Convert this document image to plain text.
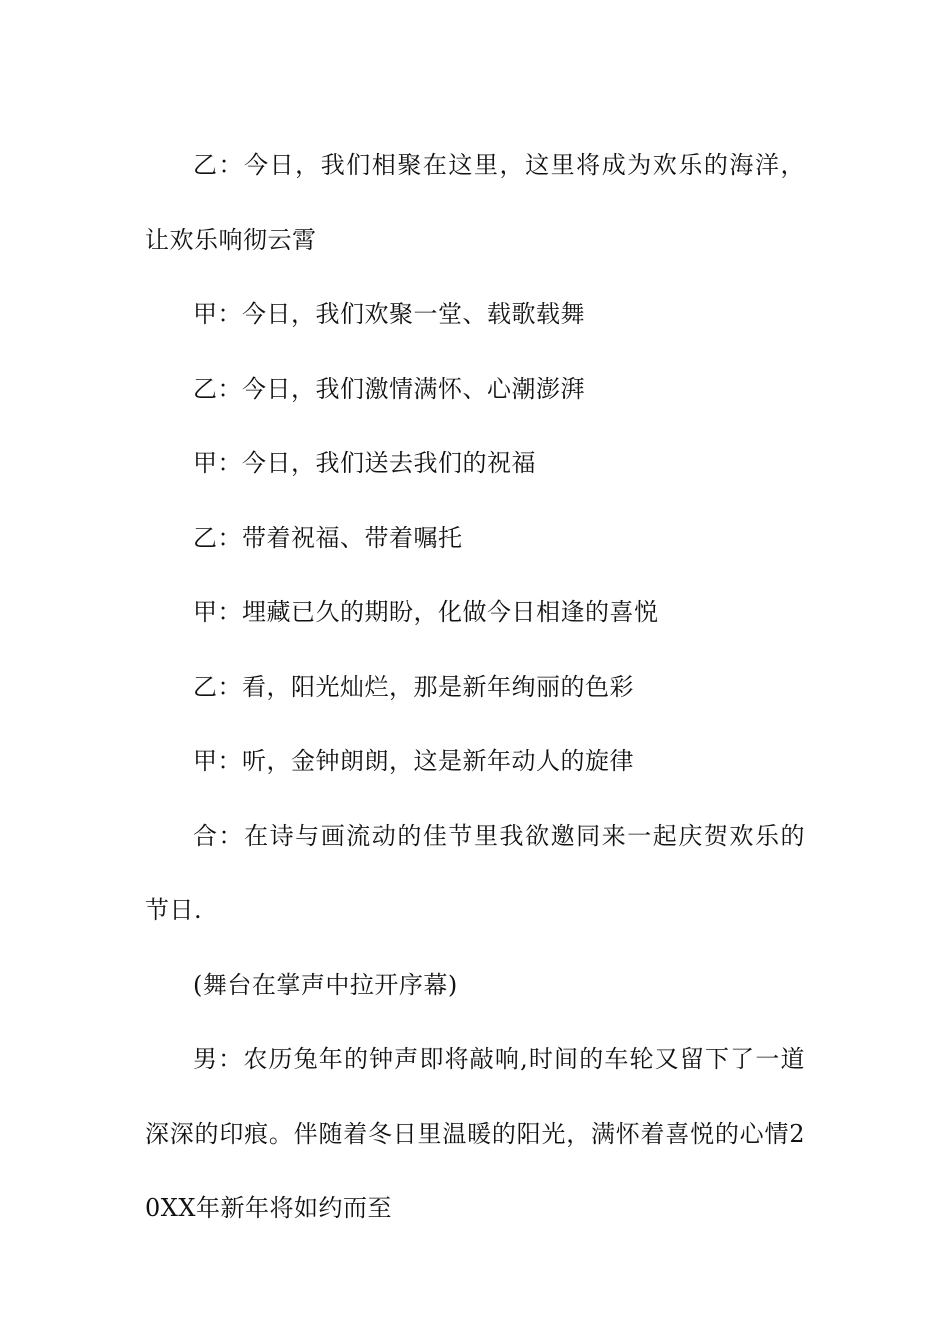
乙：今日，我们相聚在这里，这里将成为欢乐的海洋，让欢乐响彻云霄

甲：今日，我们欢聚一堂、载歌载舞

乙：今日，我们激情满怀、心潮澎湃

甲：今日，我们送去我们的祝福

乙：带着祝福、带着嘱托

甲：埋藏已久的期盼，化做今日相逢的喜悦

乙：看，阳光灿烂，那是新年绚丽的色彩

甲：听，金钟朗朗，这是新年动人的旋律

合：在诗与画流动的佳节里我欲邀同来一起庆贺欢乐的节日.

(舞台在掌声中拉开序幕)

男：农历兔年的钟声即将敲响,时间的车轮又留下了一道深深的印痕。伴随着冬日里温暖的阳光，满怀着喜悦的心情20XX年新年将如约而至
